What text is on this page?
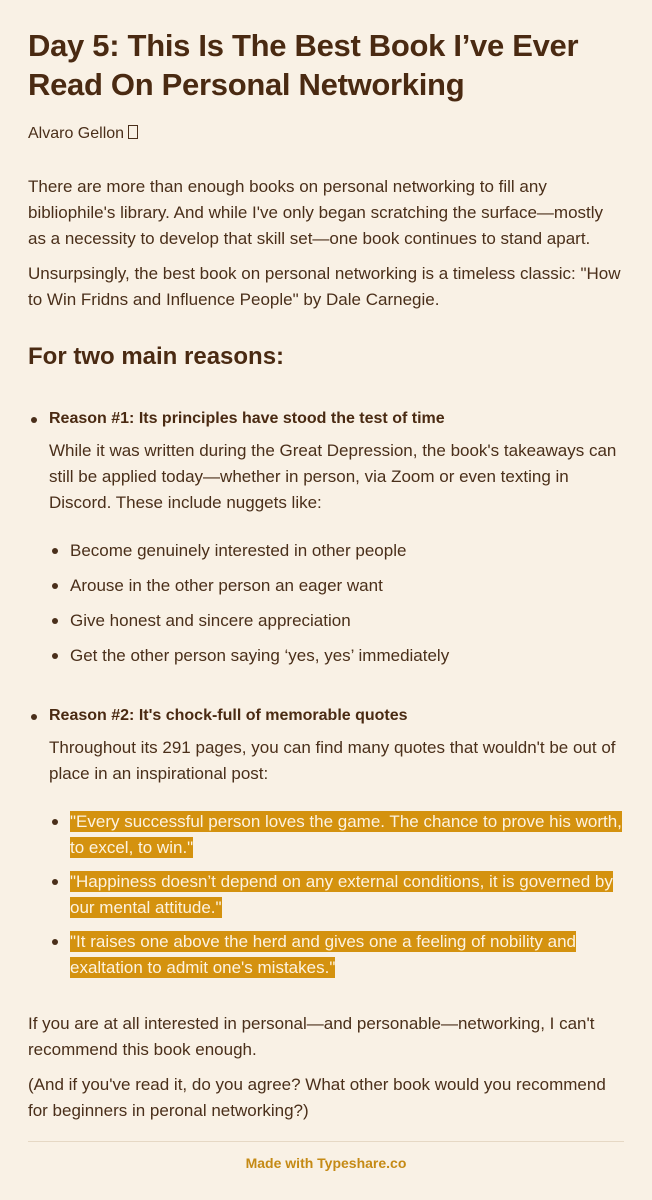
Day 5: This Is The Best Book I’ve Ever Read On Personal Networking
Alvaro Gellon

There are more than enough books on personal networking to fill any bibliophile's library. And while I've only began scratching the surface—mostly as a necessity to develop that skill set—one book continues to stand apart.

Unsurpsingly, the best book on personal networking is a timeless classic: "How to Win Fridns and Influence People" by Dale Carnegie.

For two main reasons:
Reason #1: Its principles have stood the test of time

While it was written during the Great Depression, the book's takeaways can still be applied today—whether in person, via Zoom or even texting in Discord. These include nuggets like:

Become genuinely interested in other people
Arouse in the other person an eager want
Give honest and sincere appreciation
Get the other person saying ‘yes, yes’ immediately
Reason #2: It's chock-full of memorable quotes

Throughout its 291 pages, you can find many quotes that wouldn't be out of place in an inspirational post:

"Every successful person loves the game. The chance to prove his worth, to excel, to win."
"Happiness doesn’t depend on any external conditions, it is governed by our mental attitude."
"It raises one above the herd and gives one a feeling of nobility and exaltation to admit one's mistakes."

If you are at all interested in personal—and personable—networking, I can't recommend this book enough.

(And if you've read it, do you agree? What other book would you recommend for beginners in peronal networking?)

Made with Typeshare.co
